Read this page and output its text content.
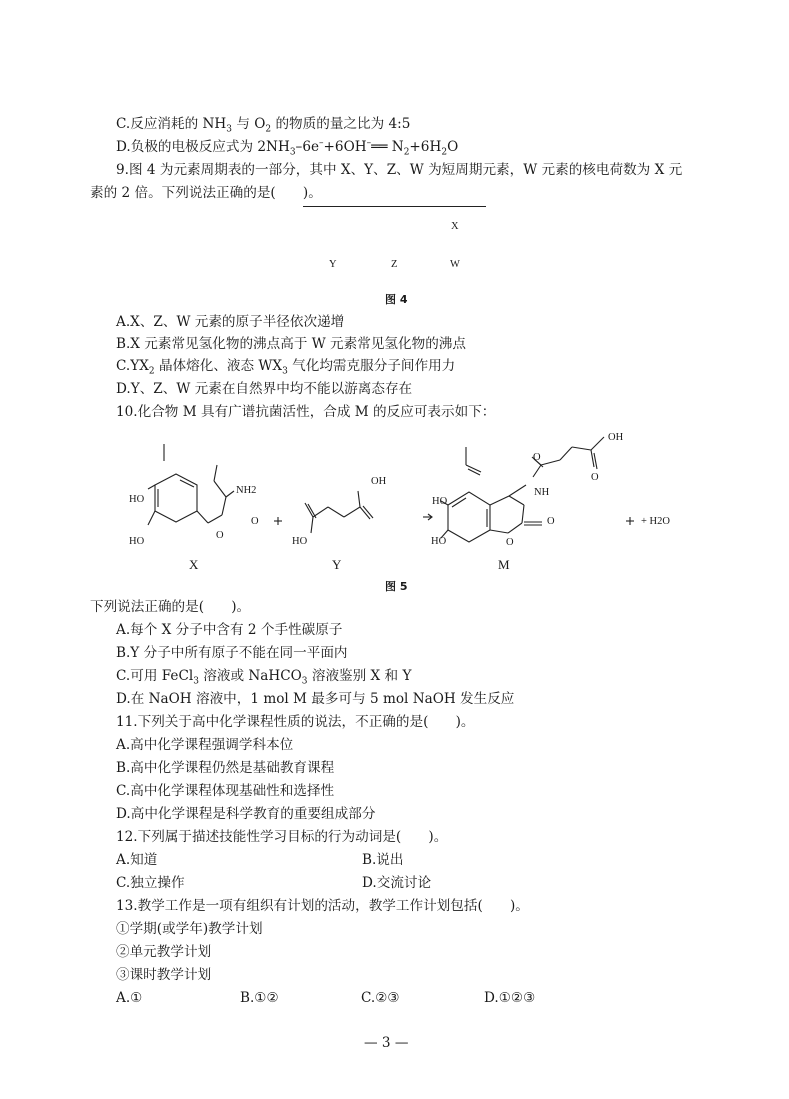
C.反应消耗的 $NH_3$ 与 $O_2$ 的物质的量之比为 4:5
D.负极的电极反应式为 $2NH_3-6e^-+6OH^-══$ $N_2+6H_2O$
9.图 4 为元素周期表的一部分，其中 X、Y、Z、W 为短周期元素，W 元素的核电荷数为 X 元
素的 2 倍。下列说法正确的是(　　)。
X
Y	Z	W
图 4
A.X、Z、W 元素的原子半径依次递增
B.X 元素常见氢化物的沸点高于 W 元素常见氢化物的沸点
$C.YX_2$ 晶体熔化、液态 $WX_3$ 气化均需克服分子间作用力
D.Y、Z、W 元素在自然界中均不能以游离态存在
10.化合物 M 具有广谱抗菌活性，合成 M 的反应可表示如下：
HO
HO
NH2
O
O
OH
HO
HO
HO
NH
O
O
O
OH
O
+ H2O
X	Y	M
图 5
下列说法正确的是(　　)。
A.每个 X 分子中含有 2 个手性碳原子
B.Y 分子中所有原子不能在同一平面内
C.可用 FeCl$_3$ 溶液或 NaHCO$_3$ 溶液鉴别 X 和 Y
D.在 NaOH 溶液中，1 mol M 最多可与 5 mol NaOH 发生反应
11.下列关于高中化学课程性质的说法，不正确的是(　　)。
A.高中化学课程强调学科本位
B.高中化学课程仍然是基础教育课程
C.高中化学课程体现基础性和选择性
D.高中化学课程是科学教育的重要组成部分
12.下列属于描述技能性学习目标的行为动词是(　　)。
A.知道	B.说出
C.独立操作	D.交流讨论
13.教学工作是一项有组织有计划的活动，教学工作计划包括(　　)。
①学期(或学年)教学计划
②单元教学计划
③课时教学计划
A.①	B.①②	C.②③	D.①②③
— 3 —
